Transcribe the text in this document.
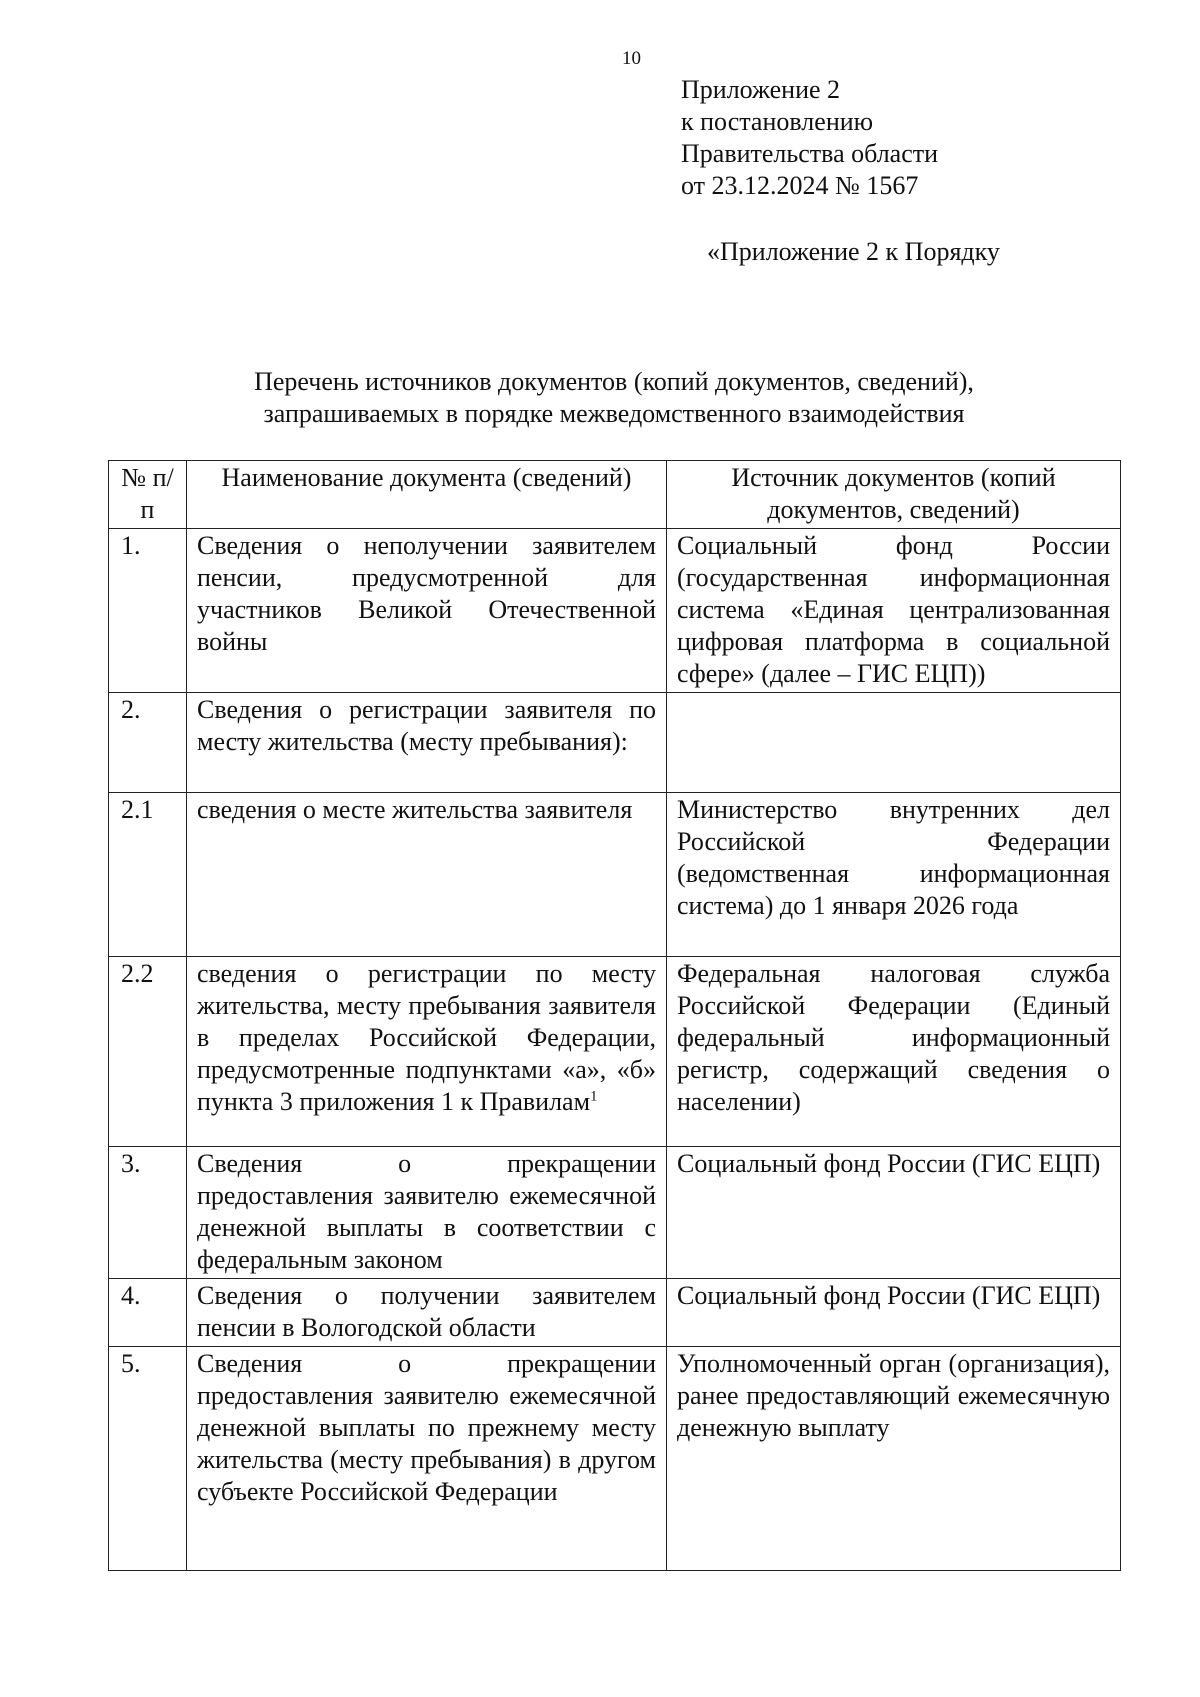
10
Приложение 2
к постановлению
Правительства области
от 23.12.2024 № 1567
«Приложение 2 к Порядку
Перечень источников документов (копий документов, сведений),
запрашиваемых в порядке межведомственного взаимодействия
№ п/п	Наименование документа (сведений)	Источник документов (копий документов, сведений)
1.	Сведения о неполучении заявителем пенсии, предусмотренной для участников Великой Отечественной войны	Социальный фонд России (государственная информационная система «Единая централизованная цифровая платформа в социальной сфере» (далее – ГИС ЕЦП))
2.	Сведения о регистрации заявителя по месту жительства (месту пребывания):	
2.1	сведения о месте жительства заявителя	Министерство внутренних дел Российской Федерации (ведомственная информационная система) до 1 января 2026 года
2.2	сведения о регистрации по месту жительства, месту пребывания заявителя в пределах Российской Федерации, предусмотренные подпунктами «а», «б» пункта 3 приложения 1 к Правилам$^1$	Федеральная налоговая служба Российской Федерации (Единый федеральный информационный регистр, содержащий сведения о населении)
3.	Сведения о прекращении предоставления заявителю ежемесячной денежной выплаты в соответствии с федеральным законом	Социальный фонд России (ГИС ЕЦП)
4.	Сведения о получении заявителем пенсии в Вологодской области	Социальный фонд России (ГИС ЕЦП)
5.	Сведения о прекращении предоставления заявителю ежемесячной денежной выплаты по прежнему месту жительства (месту пребывания) в другом субъекте Российской Федерации	Уполномоченный орган (организация), ранее предоставляющий ежемесячную денежную выплату
